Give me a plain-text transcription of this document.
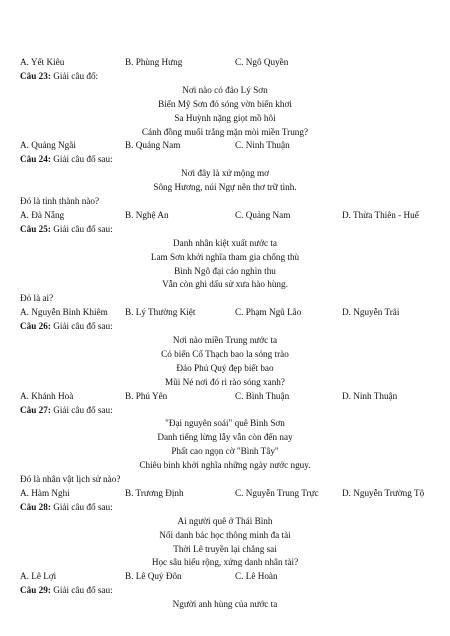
A. Yết Kiêu	B. Phùng Hưng	C. Ngô Quyền
Câu 23: Giải câu đố:
Nơi nào có đảo Lý Sơn
Biển Mỹ Sơn đỏ sóng vờn biển khơi
Sa Huỳnh nặng giọt mồ hôi
Cánh đồng muối trắng mặn mòi miền Trung?
A. Quảng Ngãi	B. Quảng Nam	C. Ninh Thuận
Câu 24: Giải câu đố sau:
Nơi đây là xứ mộng mơ
Sông Hương, núi Ngự nên thơ trữ tình.
Đó là tỉnh thành nào?
A. Đà Nẵng	B. Nghệ An	C. Quảng Nam	D. Thừa Thiên - Huế
Câu 25: Giải câu đố sau:
Danh nhân kiệt xuất nước ta
Lam Sơn khởi nghĩa tham gia chống thù
Bình Ngô đại cáo nghìn thu
Vẫn còn ghi dấu sử xưa hào hùng.
Đó là ai?
A. Nguyễn Bỉnh Khiêm B. Lý Thường Kiệt	C. Phạm Ngũ Lão	D. Nguyễn Trãi
Câu 26: Giải câu đố sau:
Nơi nào miền Trung nước ta
Có biển Cổ Thạch bao la sóng trào
Đảo Phú Quý đẹp biết bao
Mũi Né nơi đó rì rào sóng xanh?
A. Khánh Hoà	B. Phú Yên	C. Bình Thuận	D. Ninh Thuận
Câu 27: Giải câu đố sau:
"Đại nguyên soái" quê Bình Sơn
Danh tiếng lừng lẫy vẫn còn đến nay
Phất cao ngọn cờ "Bình Tây"
Chiêu binh khởi nghĩa những ngày nước nguy.
Đó là nhân vật lịch sử nào?
A. Hàm Nghi	B. Trương Định	C. Nguyễn Trung Trực	D. Nguyễn Trường Tộ
Câu 28: Giải câu đố sau:
Ai người quê ở Thái Bình
Nổi danh bác học thông minh đa tài
Thời Lê truyền lại chẳng sai
Học sâu hiểu rộng, xứng danh nhân tài?
A. Lê Lợi	B. Lê Quý Đôn	C. Lê Hoàn
Câu 29: Giải câu đố sau:
Người anh hùng của nước ta
